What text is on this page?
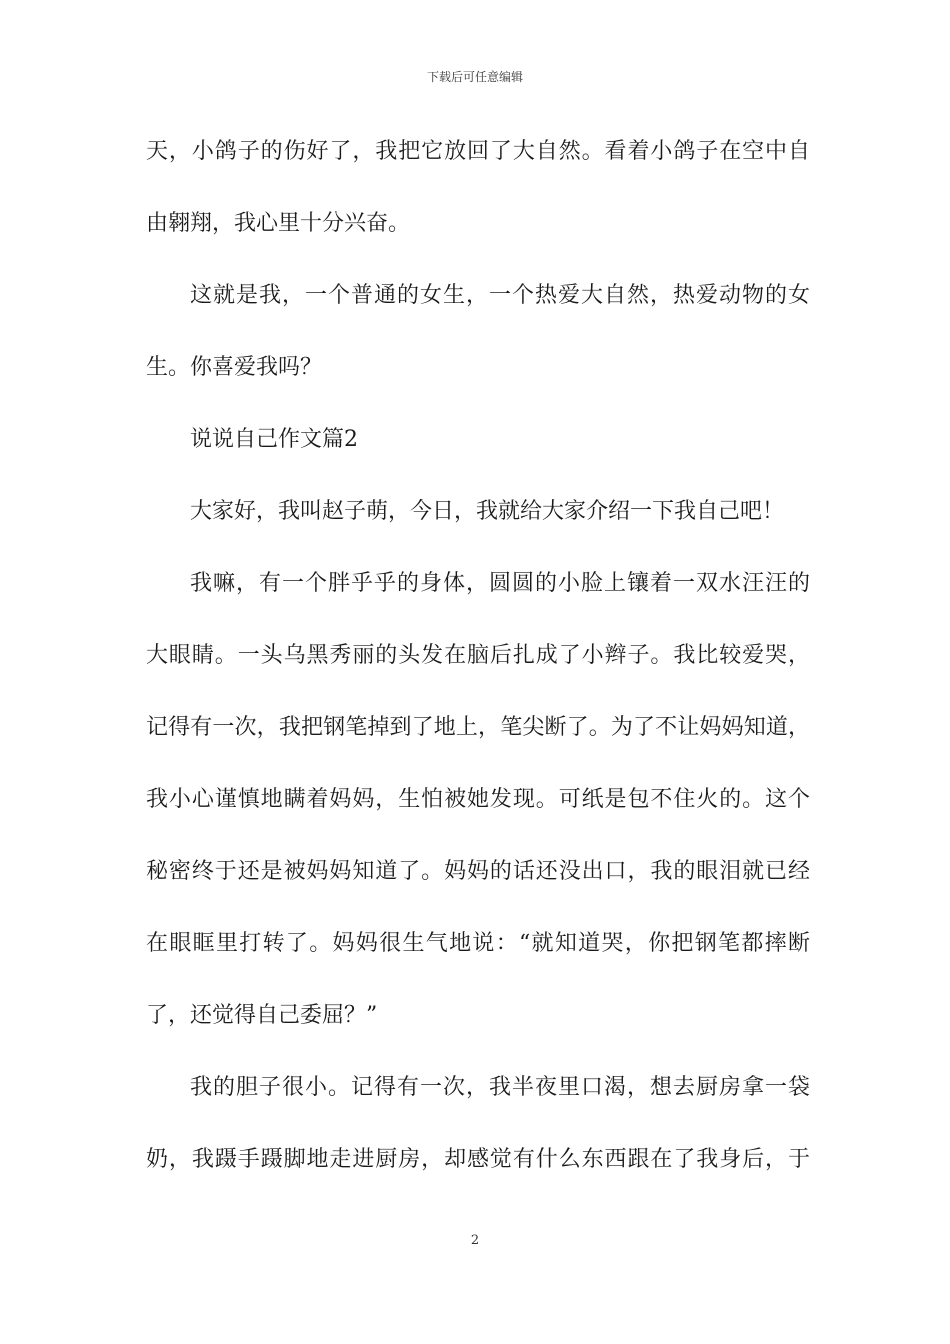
下载后可任意编辑
天，小鸽子的伤好了，我把它放回了大自然。看着小鸽子在空中自
由翱翔，我心里十分兴奋。
这就是我，一个普通的女生，一个热爱大自然，热爱动物的女
生。你喜爱我吗？
说说自己作文篇2
大家好，我叫赵子萌，今日，我就给大家介绍一下我自己吧！
我嘛，有一个胖乎乎的身体，圆圆的小脸上镶着一双水汪汪的
大眼睛。一头乌黑秀丽的头发在脑后扎成了小辫子。我比较爱哭，
记得有一次，我把钢笔掉到了地上，笔尖断了。为了不让妈妈知道，
我小心谨慎地瞒着妈妈，生怕被她发现。可纸是包不住火的。这个
秘密终于还是被妈妈知道了。妈妈的话还没出口，我的眼泪就已经
在眼眶里打转了。妈妈很生气地说：“就知道哭，你把钢笔都摔断
了，还觉得自己委屈？”
我的胆子很小。记得有一次，我半夜里口渴，想去厨房拿一袋
奶，我蹑手蹑脚地走进厨房，却感觉有什么东西跟在了我身后，于
2
